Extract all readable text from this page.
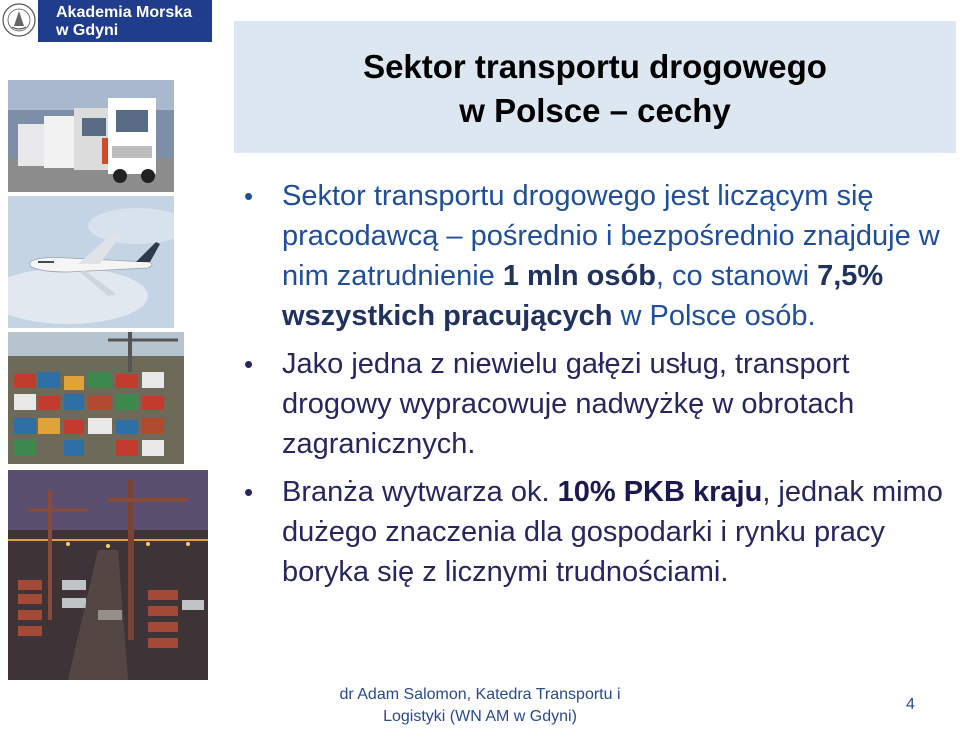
Akademia Morska
w Gdyni
Sektor transportu drogowego
w Polsce – cechy
• Sektor transportu drogowego jest liczącym się pracodawcą – pośrednio i bezpośrednio znajduje w nim zatrudnienie 1 mln osób, co stanowi 7,5% wszystkich pracujących w Polsce osób.
• Jako jedna z niewielu gałęzi usług, transport drogowy wypracowuje nadwyżkę w obrotach zagranicznych.
• Branża wytwarza ok. 10% PKB kraju, jednak mimo dużego znaczenia dla gospodarki i rynku pracy boryka się z licznymi trudnościami.
dr Adam Salomon, Katedra Transportu i
Logistyki (WN AM w Gdyni)
4
